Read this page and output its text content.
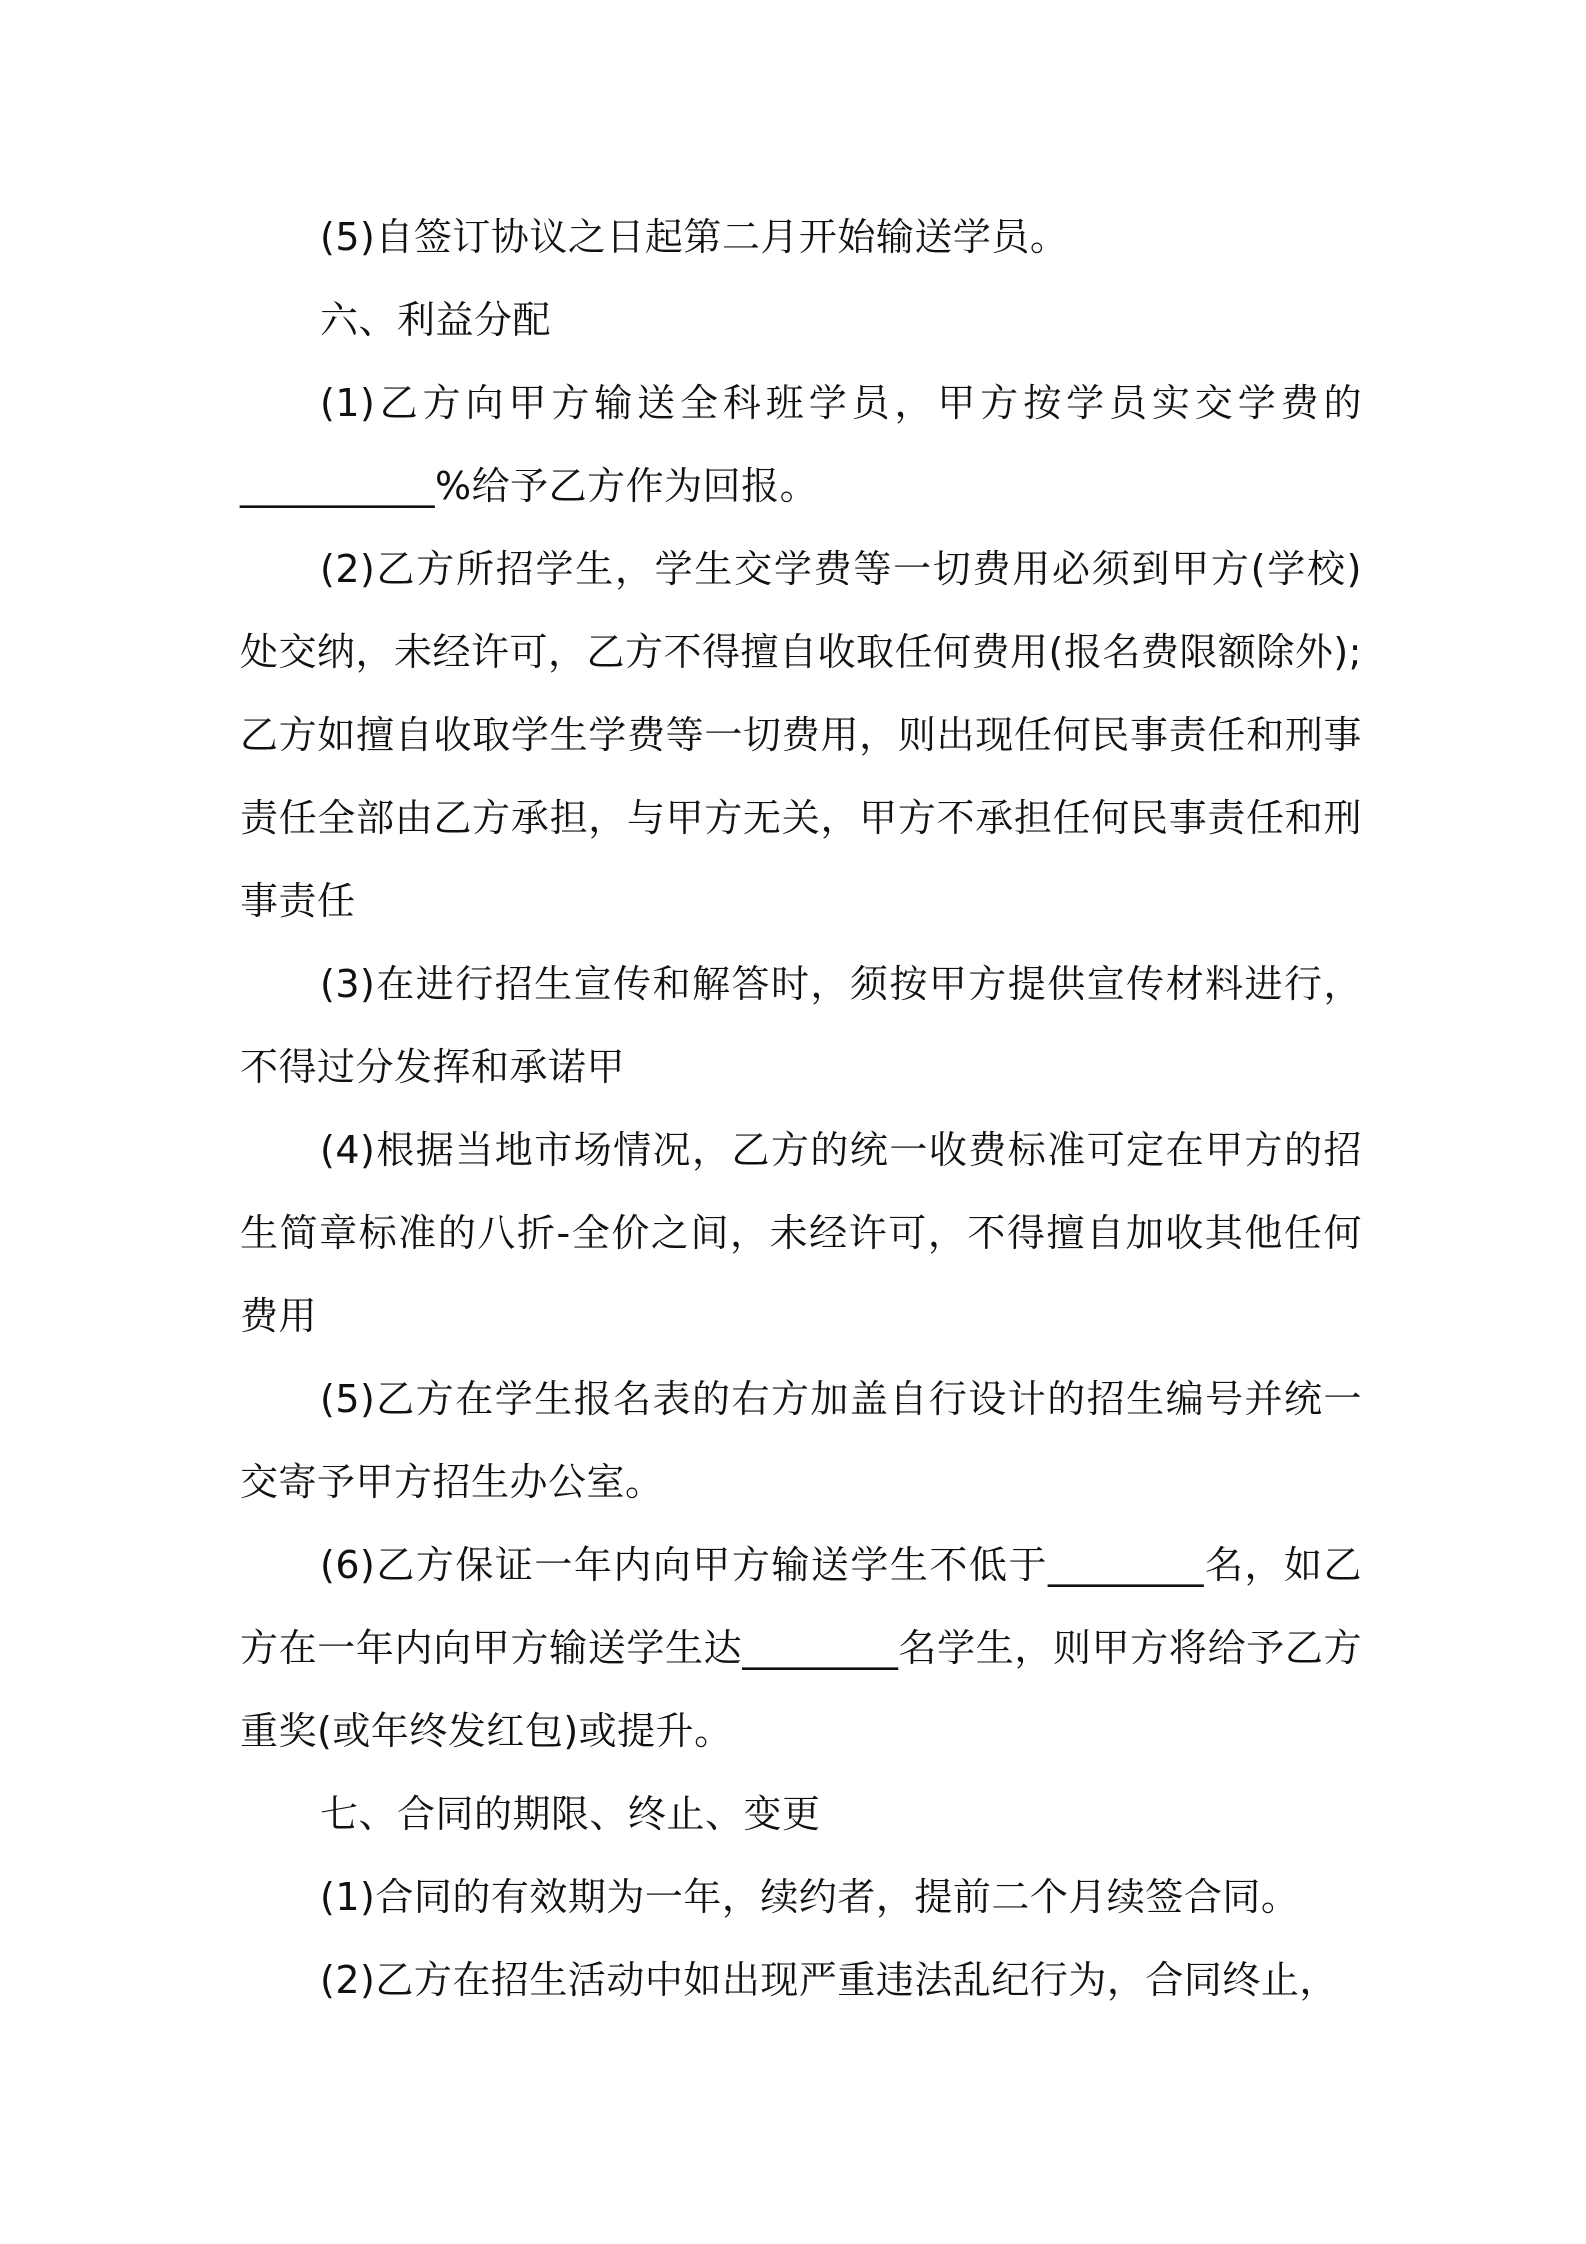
(5)自签订协议之日起第二月开始输送学员。

六、利益分配

(1)乙方向甲方输送全科班学员，甲方按学员实交学费的__________%给予乙方作为回报。

(2)乙方所招学生，学生交学费等一切费用必须到甲方(学校)处交纳，未经许可，乙方不得擅自收取任何费用(报名费限额除外);乙方如擅自收取学生学费等一切费用，则出现任何民事责任和刑事责任全部由乙方承担，与甲方无关，甲方不承担任何民事责任和刑事责任

(3)在进行招生宣传和解答时，须按甲方提供宣传材料进行，不得过分发挥和承诺甲

(4)根据当地市场情况，乙方的统一收费标准可定在甲方的招生简章标准的八折-全价之间，未经许可，不得擅自加收其他任何费用

(5)乙方在学生报名表的右方加盖自行设计的招生编号并统一交寄予甲方招生办公室。

(6)乙方保证一年内向甲方输送学生不低于________名，如乙方在一年内向甲方输送学生达________名学生，则甲方将给予乙方重奖(或年终发红包)或提升。

七、合同的期限、终止、变更

(1)合同的有效期为一年，续约者，提前二个月续签合同。

(2)乙方在招生活动中如出现严重违法乱纪行为，合同终止，
